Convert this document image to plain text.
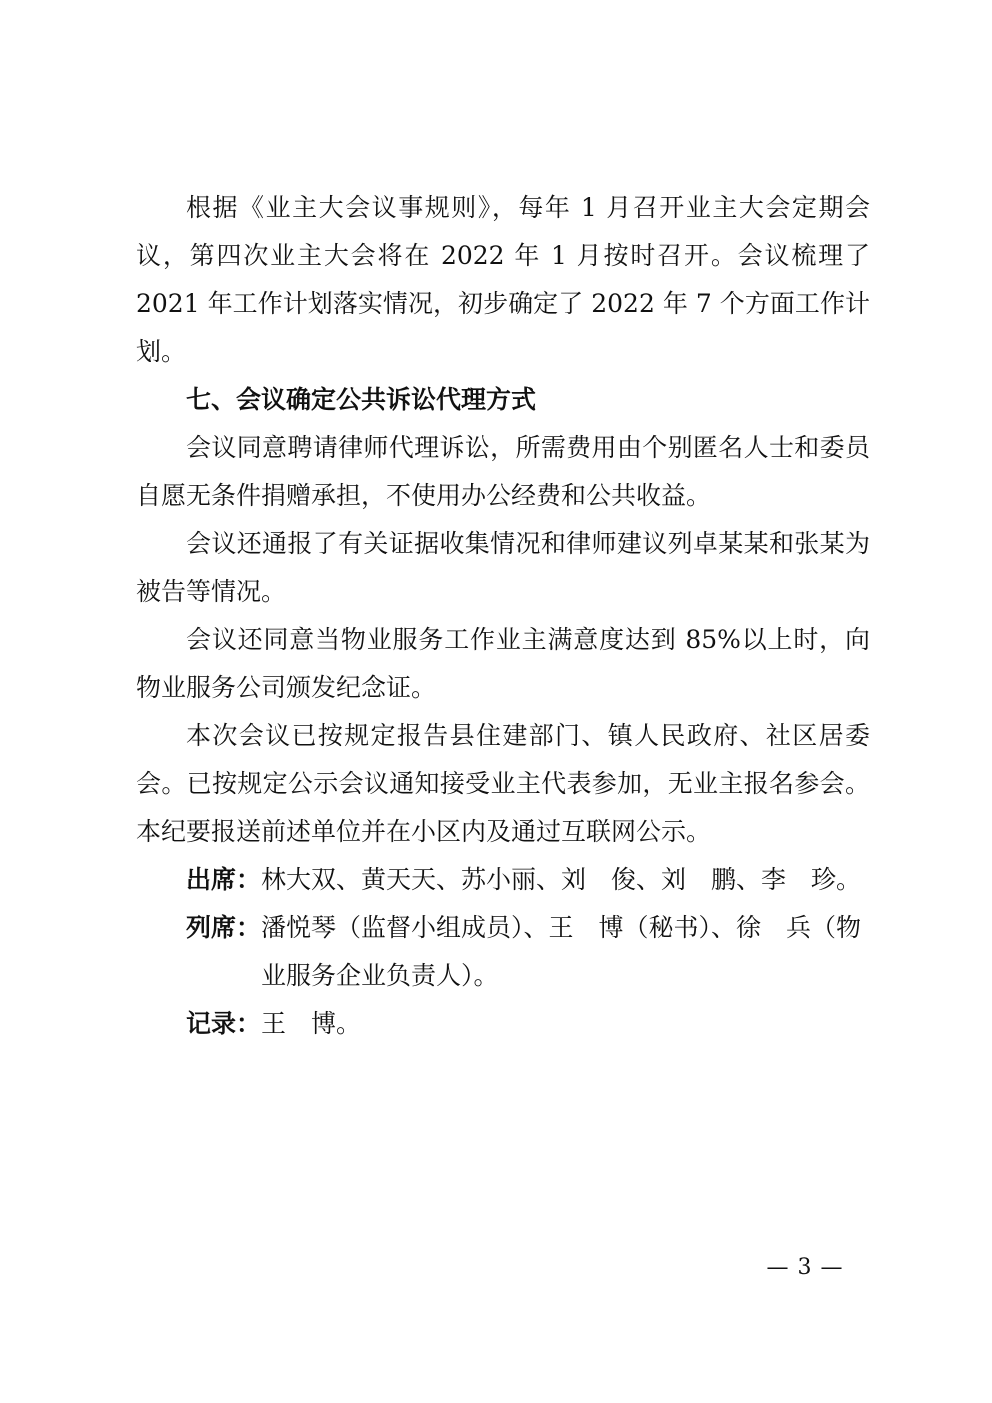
根据《业主大会议事规则》，每年 1 月召开业主大会定期会议，第四次业主大会将在 2022 年 1 月按时召开。会议梳理了 2021 年工作计划落实情况，初步确定了 2022 年 7 个方面工作计划。

七、会议确定公共诉讼代理方式

会议同意聘请律师代理诉讼，所需费用由个别匿名人士和委员自愿无条件捐赠承担，不使用办公经费和公共收益。

会议还通报了有关证据收集情况和律师建议列卓某某和张某为被告等情况。

会议还同意当物业服务工作业主满意度达到 85%以上时，向物业服务公司颁发纪念证。

本次会议已按规定报告县住建部门、镇人民政府、社区居委会。已按规定公示会议通知接受业主代表参加，无业主报名参会。本纪要报送前述单位并在小区内及通过互联网公示。

出席： 林大双、黄天天、苏小丽、刘　俊、刘　鹏、李　珍。
列席： 潘悦琴（监督小组成员）、王　博（秘书）、徐　兵（物业服务企业负责人）。
记录： 王　博。
— 3 —
